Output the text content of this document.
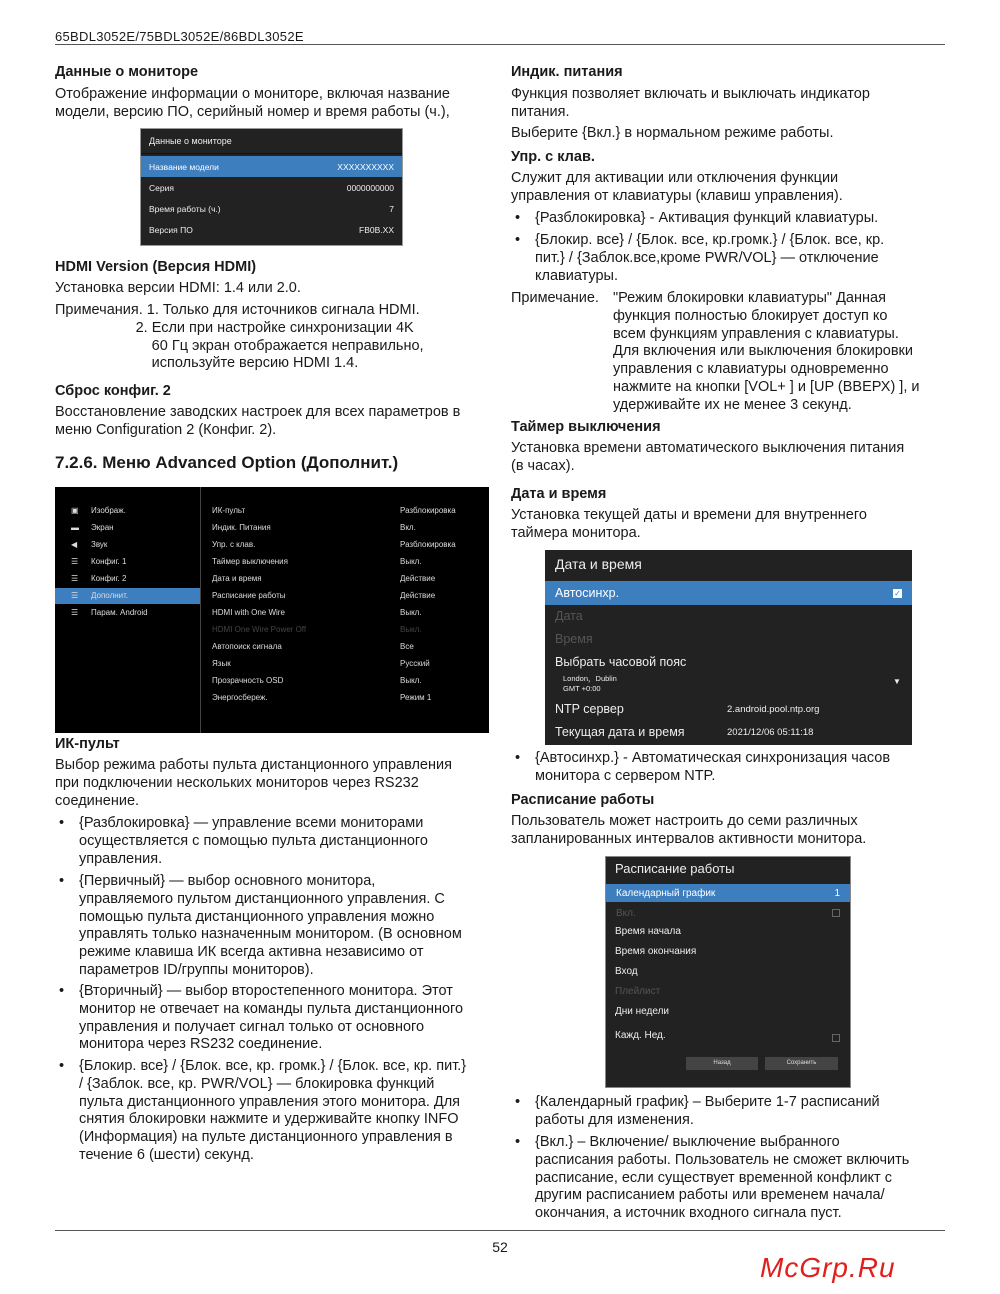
65BDL3052E/75BDL3052E/86BDL3052E
Данные о мониторе
Отображение информации о мониторе, включая название
модели, версию ПО, серийный номер и время работы (ч.),
Данные о мониторе
Название модели	XXXXXXXXXX
Серия	0000000000
Время работы (ч.)	7
Версия ПО	FB0B.XX
HDMI Version (Версия HDMI)
Установка версии HDMI: 1.4 или 2.0.
Примечания. 1. Только для источников сигнала HDMI.
2. Если при настройке синхронизации 4K
60 Гц экран отображается неправильно,
используйте версию HDMI 1.4.
Сброс конфиг. 2
Восстановление заводских настроек для всех параметров в
меню Configuration 2 (Конфиг. 2).
7.2.6. Меню Advanced Option (Дополнит.)
▣ Изображ.
▬ Экран
◀ Звук
☰ Конфиг. 1
☰ Конфиг. 2
☰ Дополнит.
☰ Парам. Android
ИК-пульт	Разблокировка
Индик. Питания	Вкл.
Упр. с клав.	Разблокировка
Таймер выключения	Выкл.
Дата и время	Действие
Расписание работы	Действие
HDMI with One Wire	Выкл.
HDMI One Wire Power Off	Выкл.
Автопоиск сигнала	Все
Язык	Русский
Прозрачность OSD	Выкл.
Энергосбереж.	Режим 1
ИК-пульт
Выбор режима работы пульта дистанционного управления
при подключении нескольких мониторов через RS232
соединение.
• {Разблокировка} — управление всеми мониторами
осуществляется с помощью пульта дистанционного
управления.
• {Первичный} — выбор основного монитора,
управляемого пультом дистанционного управления. С
помощью пульта дистанционного управления можно
управлять только назначенным монитором. (В основном
режиме клавиша ИК всегда активна независимо от
параметров ID/группы мониторов).
• {Вторичный} — выбор второстепенного монитора. Этот
монитор не отвечает на команды пульта дистанционного
управления и получает сигнал только от основного
монитора через RS232 соединение.
• {Блокир. все} / {Блок. все, кр. громк.} / {Блок. все, кр. пит.}
/ {Заблок. все, кр. PWR/VOL} — блокировка функций
пульта дистанционного управления этого монитора. Для
снятия блокировки нажмите и удерживайте кнопку INFO
(Информация) на пульте дистанционного управления в
течение 6 (шести) секунд.
Индик. питания
Функция позволяет включать и выключать индикатор
питания.
Выберите {Вкл.} в нормальном режиме работы.
Упр. с клав.
Служит для активации или отключения функции
управления от клавиатуры (клавиш управления).
• {Разблокировка} - Активация функций клавиатуры.
• {Блокир. все} / {Блок. все, кр.громк.} / {Блок. все, кр.
пит.} / {Заблок.все,кроме PWR/VOL} — отключение
клавиатуры.
Примечание. "Режим блокировки клавиатуры" Данная
функция полностью блокирует доступ ко
всем функциям управления с клавиатуры.
Для включения или выключения блокировки
управления с клавиатуры одновременно
нажмите на кнопки [VOL+ ] и [UP (ВВЕРХ) ], и
удерживайте их не менее 3 секунд.
Таймер выключения
Установка времени автоматического выключения питания
(в часах).
Дата и время
Установка текущей даты и времени для внутреннего
таймера монитора.
Дата и время
Автосинхр.	✓
Дата
Время
Выбрать часовой пояс
London，Dublin
GMT +0:00
▼
NTP сервер	2.android.pool.ntp.org
Текущая дата и время	2021/12/06 05:11:18
• {Автосинхр.} - Автоматическая синхронизация часов
монитора с сервером NTP.
Расписание работы
Пользователь может настроить до семи различных
запланированных интервалов активности монитора.
Расписание работы
Календарный график	1
Вкл.
Время начала
Время окончания
Вход
Плейлист
Дни недели
Кажд. Нед.
Назад	Сохранить
• {Календарный график} – Выберите 1-7 расписаний
работы для изменения.
• {Вкл.} – Включение/ выключение выбранного
расписания работы. Пользователь не сможет включить
расписание, если существует временной конфликт с
другим расписанием работы или временем начала/
окончания, а источник входного сигнала пуст.
52
McGrp.Ru
